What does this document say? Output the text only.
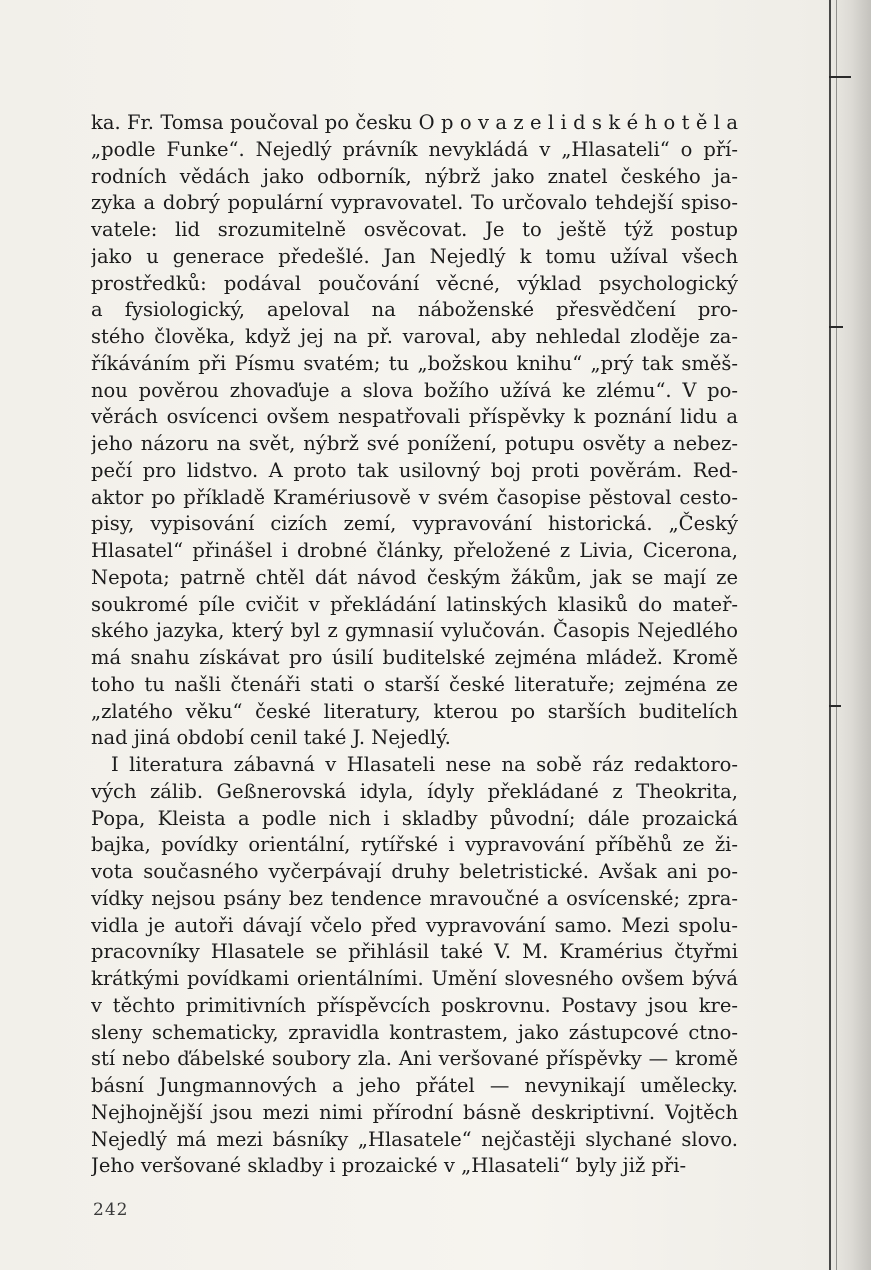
ka. Fr. Tomsa poučoval po česku O p o v a z e l i d s k é h o t ě l a
„podle Funke“. Nejedlý právník nevykládá v „Hlasateli“ o pří-
rodních vědách jako odborník, nýbrž jako znatel českého ja-
zyka a dobrý populární vypravovatel. To určovalo tehdejší spiso-
vatele: lid srozumitelně osvěcovat. Je to ještě týž postup
jako u generace předešlé. Jan Nejedlý k tomu užíval všech
prostředků: podával poučování věcné, výklad psychologický
a fysiologický, apeloval na náboženské přesvědčení pro-
stého člověka, když jej na př. varoval, aby nehledal zloděje za-
říkáváním při Písmu svatém; tu „božskou knihu“ „prý tak směš-
nou pověrou zhovaďuje a slova božího užívá ke zlému“. V po-
věrách osvícenci ovšem nespatřovali příspěvky k poznání lidu a
jeho názoru na svět, nýbrž své ponížení, potupu osvěty a nebez-
pečí pro lidstvo. A proto tak usilovný boj proti pověrám. Red-
aktor po příkladě Kramériusově v svém časopise pěstoval cesto-
pisy, vypisování cizích zemí, vypravování historická. „Český
Hlasatel“ přinášel i drobné články, přeložené z Livia, Cicerona,
Nepota; patrně chtěl dát návod českým žákům, jak se mají ze
soukromé píle cvičit v překládání latinských klasiků do mateř-
ského jazyka, který byl z gymnasií vylučován. Časopis Nejedlého
má snahu získávat pro úsilí buditelské zejména mládež. Kromě
toho tu našli čtenáři stati o starší české literatuře; zejména ze
„zlatého věku“ české literatury, kterou po starších buditelích
nad jiná období cenil také J. Nejedlý.
I literatura zábavná v Hlasateli nese na sobě ráz redaktoro-
vých zálib. Geßnerovská idyla, ídyly překládané z Theokrita,
Popa, Kleista a podle nich i skladby původní; dále prozaická
bajka, povídky orientální, rytířské i vypravování příběhů ze ži-
vota současného vyčerpávají druhy beletristické. Avšak ani po-
vídky nejsou psány bez tendence mravoučné a osvícenské; zpra-
vidla je autoři dávají včelo před vypravování samo. Mezi spolu-
pracovníky Hlasatele se přihlásil také V. M. Kramérius čtyřmi
krátkými povídkami orientálními. Umění slovesného ovšem bývá
v těchto primitivních příspěvcích poskrovnu. Postavy jsou kre-
sleny schematicky, zpravidla kontrastem, jako zástupcové ctno-
stí nebo ďábelské soubory zla. Ani veršované příspěvky — kromě
básní Jungmannových a jeho přátel — nevynikají umělecky.
Nejhojnější jsou mezi nimi přírodní básně deskriptivní. Vojtěch
Nejedlý má mezi básníky „Hlasatele“ nejčastěji slychané slovo.
Jeho veršované skladby i prozaické v „Hlasateli“ byly již při-
242
